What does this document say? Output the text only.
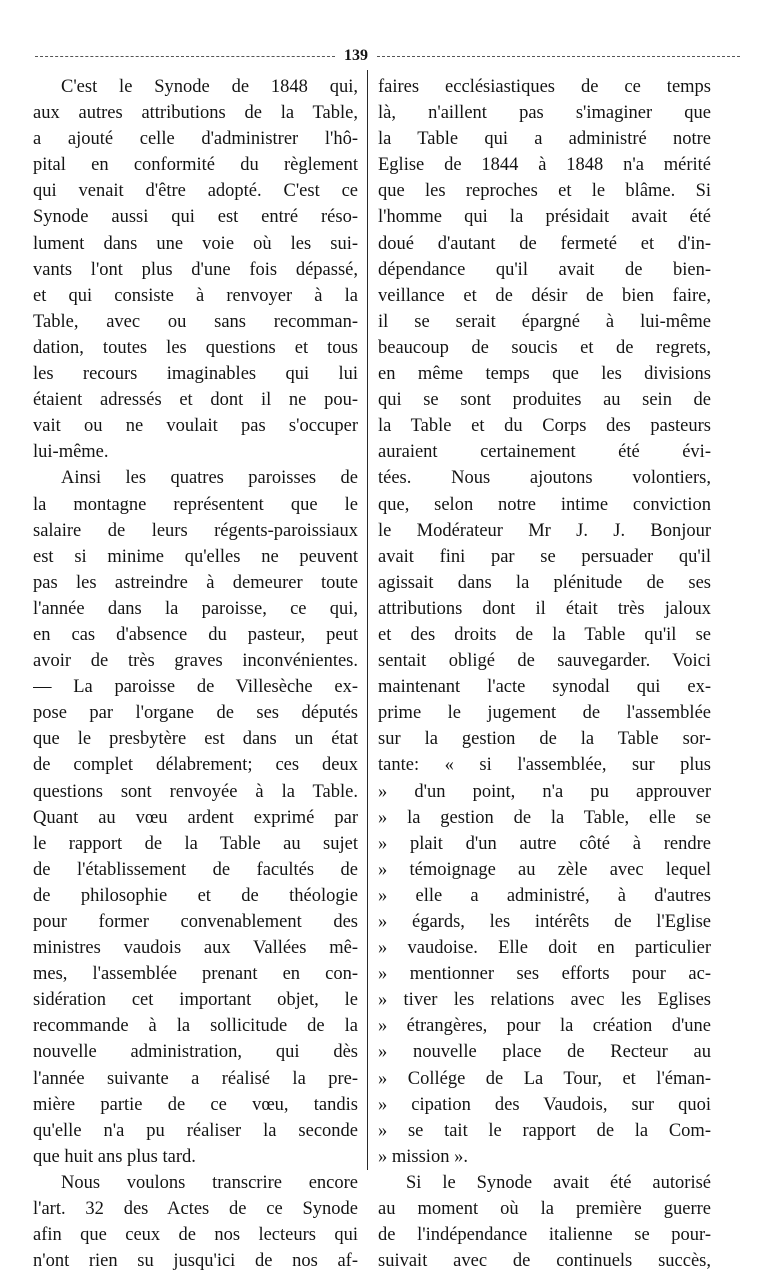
139
C'est le Synode de 1848 qui,
aux autres attributions de la Table,
a ajouté celle d'administrer l'hô-
pital en conformité du règlement
qui venait d'être adopté. C'est ce
Synode aussi qui est entré réso-
lument dans une voie où les sui-
vants l'ont plus d'une fois dépassé,
et qui consiste à renvoyer à la
Table, avec ou sans recomman-
dation, toutes les questions et tous
les recours imaginables qui lui
étaient adressés et dont il ne pou-
vait ou ne voulait pas s'occuper
lui-même.
Ainsi les quatres paroisses de
la montagne représentent que le
salaire de leurs régents-paroissiaux
est si minime qu'elles ne peuvent
pas les astreindre à demeurer toute
l'année dans la paroisse, ce qui,
en cas d'absence du pasteur, peut
avoir de très graves inconvénientes.
— La paroisse de Villesèche ex-
pose par l'organe de ses députés
que le presbytère est dans un état
de complet délabrement; ces deux
questions sont renvoyée à la Table.
Quant au vœu ardent exprimé par
le rapport de la Table au sujet
de l'établissement de facultés de
de philosophie et de théologie
pour former convenablement des
ministres vaudois aux Vallées mê-
mes, l'assemblée prenant en con-
sidération cet important objet, le
recommande à la sollicitude de la
nouvelle administration, qui dès
l'année suivante a réalisé la pre-
mière partie de ce vœu, tandis
qu'elle n'a pu réaliser la seconde
que huit ans plus tard.
Nous voulons transcrire encore
l'art. 32 des Actes de ce Synode
afin que ceux de nos lecteurs qui
n'ont rien su jusqu'ici de nos af-
faires ecclésiastiques de ce temps
là, n'aillent pas s'imaginer que
la Table qui a administré notre
Eglise de 1844 à 1848 n'a mérité
que les reproches et le blâme. Si
l'homme qui la présidait avait été
doué d'autant de fermeté et d'in-
dépendance qu'il avait de bien-
veillance et de désir de bien faire,
il se serait épargné à lui-même
beaucoup de soucis et de regrets,
en même temps que les divisions
qui se sont produites au sein de
la Table et du Corps des pasteurs
auraient certainement été évi-
tées. Nous ajoutons volontiers,
que, selon notre intime conviction
le Modérateur Mr J. J. Bonjour
avait fini par se persuader qu'il
agissait dans la plénitude de ses
attributions dont il était très jaloux
et des droits de la Table qu'il se
sentait obligé de sauvegarder. Voici
maintenant l'acte synodal qui ex-
prime le jugement de l'assemblée
sur la gestion de la Table sor-
tante: « si l'assemblée, sur plus
» d'un point, n'a pu approuver
» la gestion de la Table, elle se
» plait d'un autre côté à rendre
» témoignage au zèle avec lequel
» elle a administré, à d'autres
» égards, les intérêts de l'Eglise
» vaudoise. Elle doit en particulier
» mentionner ses efforts pour ac-
» tiver les relations avec les Eglises
» étrangères, pour la création d'une
» nouvelle place de Recteur au
» Collége de La Tour, et l'éman-
» cipation des Vaudois, sur quoi
» se tait le rapport de la Com-
» mission ».
Si le Synode avait été autorisé
au moment où la première guerre
de l'indépendance italienne se pour-
suivait avec de continuels succès,
